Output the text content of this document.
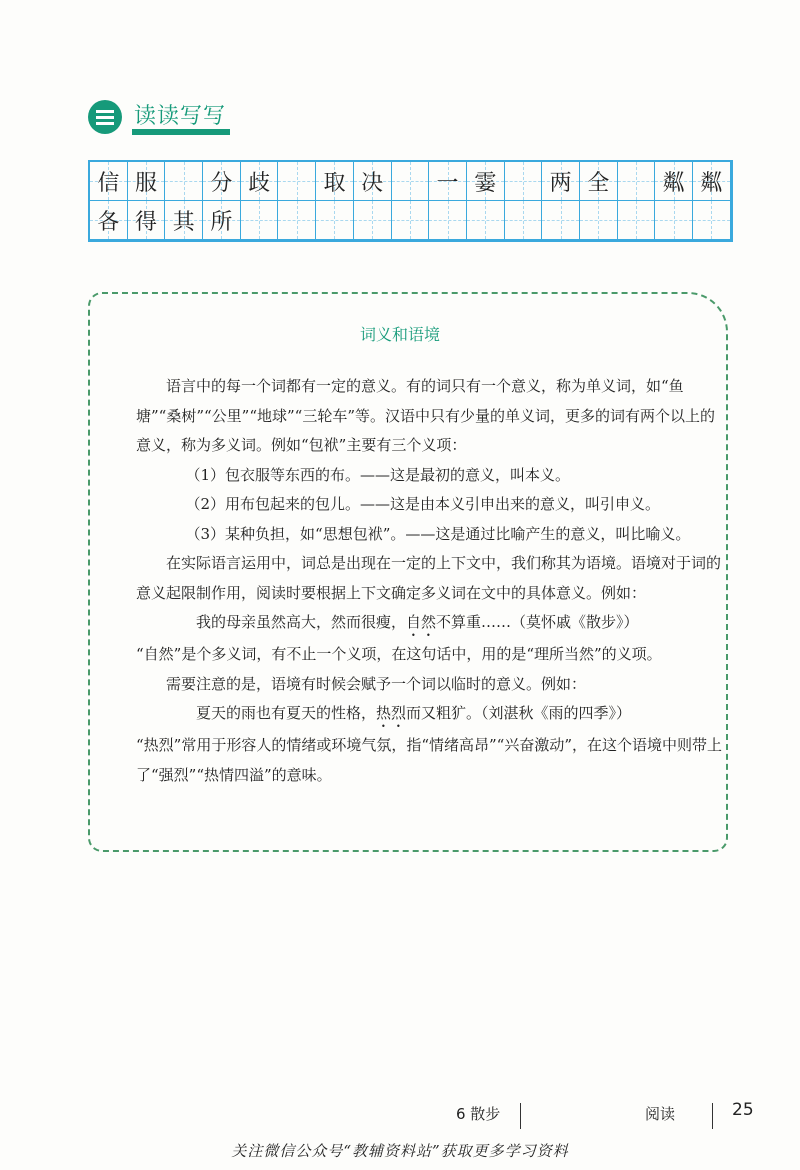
读读写写
信 服 分 歧 取 决 一 霎 两 全 粼 粼
各 得 其 所
词义和语境

语言中的每一个词都有一定的意义。有的词只有一个意义，称为单义词，如“鱼塘”“桑树”“公里”“地球”“三轮车”等。汉语中只有少量的单义词，更多的词有两个以上的意义，称为多义词。例如“包袱”主要有三个义项：

（1）包衣服等东西的布。——这是最初的意义，叫本义。

（2）用布包起来的包儿。——这是由本义引申出来的意义，叫引申义。

（3）某种负担，如“思想包袱”。——这是通过比喻产生的意义，叫比喻义。

在实际语言运用中，词总是出现在一定的上下文中，我们称其为语境。语境对于词的意义起限制作用，阅读时要根据上下文确定多义词在文中的具体意义。例如：

我的母亲虽然高大，然而很瘦，自然不算重……（莫怀戚《散步》）

“自然”是个多义词，有不止一个义项，在这句话中，用的是“理所当然”的义项。

需要注意的是，语境有时候会赋予一个词以临时的意义。例如：

夏天的雨也有夏天的性格，热烈而又粗犷。（刘湛秋《雨的四季》）

“热烈”常用于形容人的情绪或环境气氛，指“情绪高昂”“兴奋激动”，在这个语境中则带上了“强烈”“热情四溢”的意味。

6 散步	阅读	25
关注微信公众号“教辅资料站”获取更多学习资料
